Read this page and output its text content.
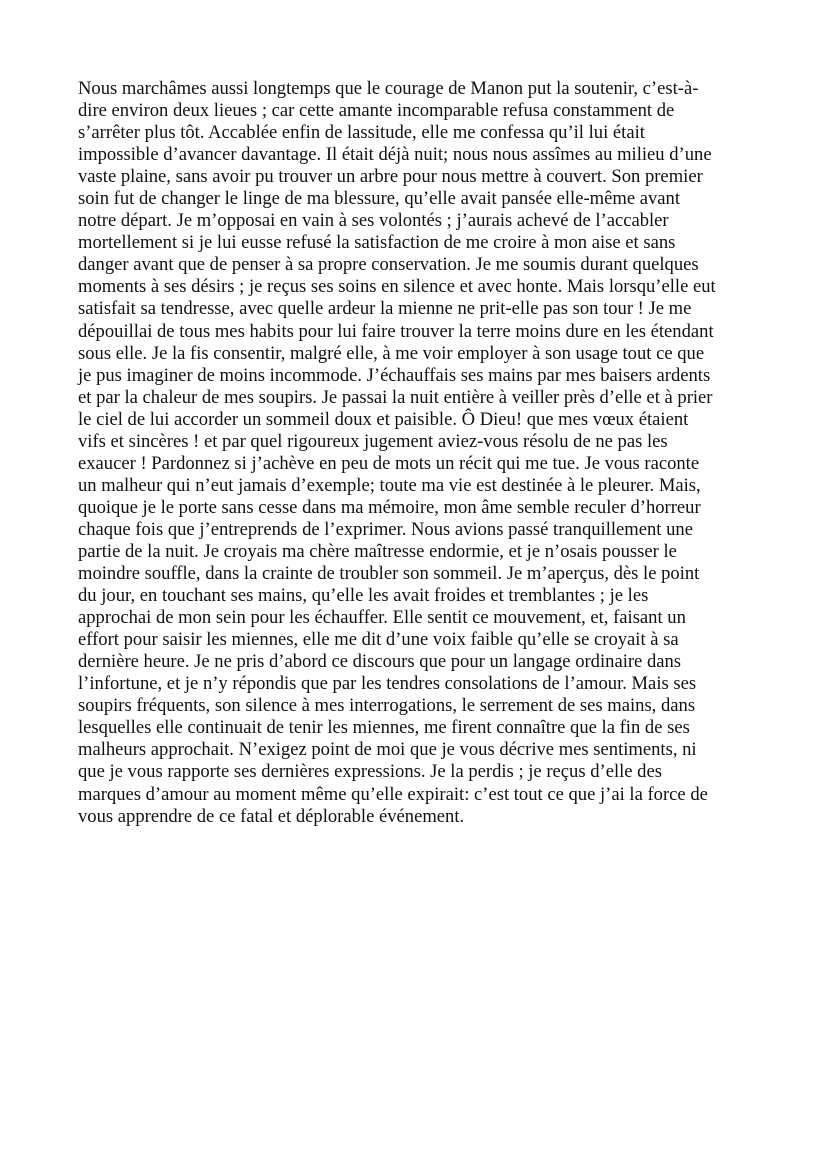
Nous marchâmes aussi longtemps que le courage de Manon put la soutenir, c’est-à-
dire environ deux lieues ; car cette amante incomparable refusa constamment de
s’arrêter plus tôt. Accablée enfin de lassitude, elle me confessa qu’il lui était
impossible d’avancer davantage. Il était déjà nuit; nous nous assîmes au milieu d’une
vaste plaine, sans avoir pu trouver un arbre pour nous mettre à couvert. Son premier
soin fut de changer le linge de ma blessure, qu’elle avait pansée elle-même avant
notre départ. Je m’opposai en vain à ses volontés ; j’aurais achevé de l’accabler
mortellement si je lui eusse refusé la satisfaction de me croire à mon aise et sans
danger avant que de penser à sa propre conservation. Je me soumis durant quelques
moments à ses désirs ; je reçus ses soins en silence et avec honte. Mais lorsqu’elle eut
satisfait sa tendresse, avec quelle ardeur la mienne ne prit-elle pas son tour ! Je me
dépouillai de tous mes habits pour lui faire trouver la terre moins dure en les étendant
sous elle. Je la fis consentir, malgré elle, à me voir employer à son usage tout ce que
je pus imaginer de moins incommode. J’échauffais ses mains par mes baisers ardents
et par la chaleur de mes soupirs. Je passai la nuit entière à veiller près d’elle et à prier
le ciel de lui accorder un sommeil doux et paisible. Ô Dieu! que mes vœux étaient
vifs et sincères ! et par quel rigoureux jugement aviez-vous résolu de ne pas les
exaucer ! Pardonnez si j’achève en peu de mots un récit qui me tue. Je vous raconte
un malheur qui n’eut jamais d’exemple; toute ma vie est destinée à le pleurer. Mais,
quoique je le porte sans cesse dans ma mémoire, mon âme semble reculer d’horreur
chaque fois que j’entreprends de l’exprimer. Nous avions passé tranquillement une
partie de la nuit. Je croyais ma chère maîtresse endormie, et je n’osais pousser le
moindre souffle, dans la crainte de troubler son sommeil. Je m’aperçus, dès le point
du jour, en touchant ses mains, qu’elle les avait froides et tremblantes ; je les
approchai de mon sein pour les échauffer. Elle sentit ce mouvement, et, faisant un
effort pour saisir les miennes, elle me dit d’une voix faible qu’elle se croyait à sa
dernière heure. Je ne pris d’abord ce discours que pour un langage ordinaire dans
l’infortune, et je n’y répondis que par les tendres consolations de l’amour. Mais ses
soupirs fréquents, son silence à mes interrogations, le serrement de ses mains, dans
lesquelles elle continuait de tenir les miennes, me firent connaître que la fin de ses
malheurs approchait. N’exigez point de moi que je vous décrive mes sentiments, ni
que je vous rapporte ses dernières expressions. Je la perdis ; je reçus d’elle des
marques d’amour au moment même qu’elle expirait: c’est tout ce que j’ai la force de
vous apprendre de ce fatal et déplorable événement.
